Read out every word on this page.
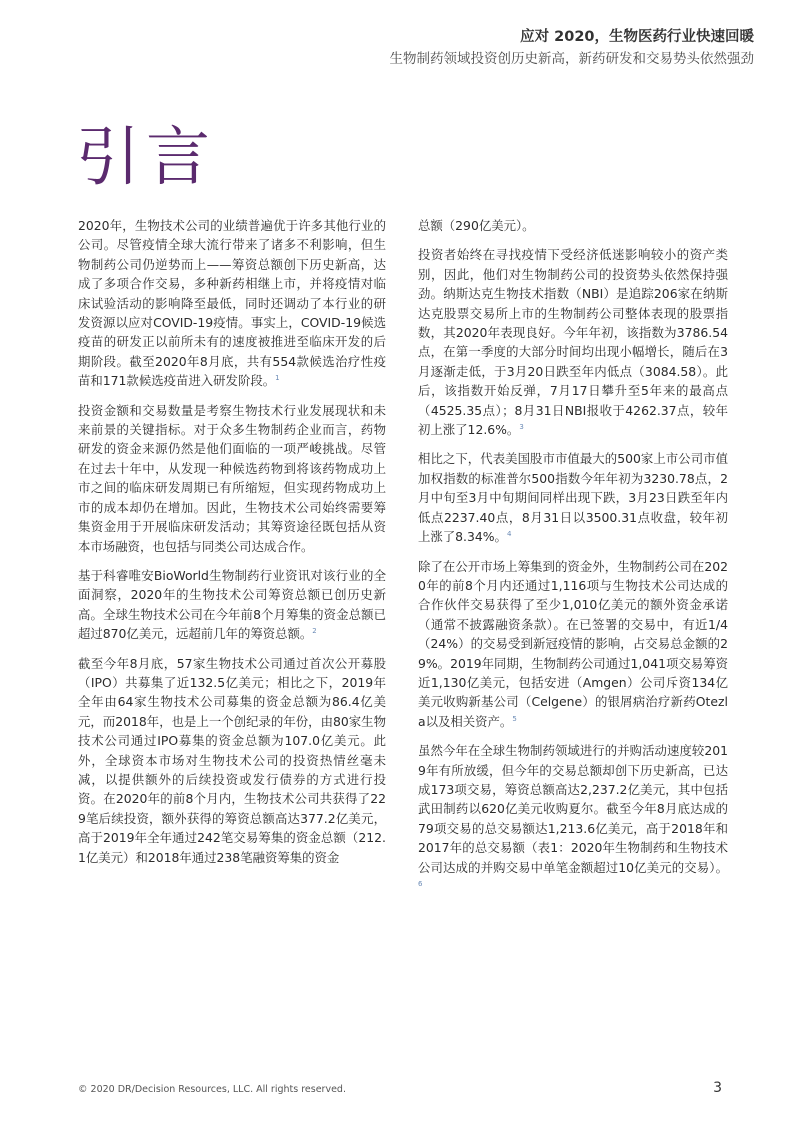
应对 2020，生物医药行业快速回暖
生物制药领域投资创历史新高，新药研发和交易势头依然强劲
引言

2020年，生物技术公司的业绩普遍优于许多其他行业的公司。尽管疫情全球大流行带来了诸多不利影响，但生物制药公司仍逆势而上——筹资总额创下历史新高，达成了多项合作交易，多种新药相继上市，并将疫情对临床试验活动的影响降至最低，同时还调动了本行业的研发资源以应对COVID-19疫情。事实上，COVID-19候选疫苗的研发正以前所未有的速度被推进至临床开发的后期阶段。截至2020年8月底，共有554款候选治疗性疫苗和171款候选疫苗进入研发阶段。$^1$

投资金额和交易数量是考察生物技术行业发展现状和未来前景的关键指标。对于众多生物制药企业而言，药物研发的资金来源仍然是他们面临的一项严峻挑战。尽管在过去十年中，从发现一种候选药物到将该药物成功上市之间的临床研发周期已有所缩短，但实现药物成功上市的成本却仍在增加。因此，生物技术公司始终需要筹集资金用于开展临床研发活动；其筹资途径既包括从资本市场融资，也包括与同类公司达成合作。

基于科睿唯安BioWorld生物制药行业资讯对该行业的全面洞察，2020年的生物技术公司筹资总额已创历史新高。全球生物技术公司在今年前8个月筹集的资金总额已超过870亿美元，远超前几年的筹资总额。$^2$

截至今年8月底，57家生物技术公司通过首次公开募股（IPO）共募集了近132.5亿美元；相比之下，2019年全年由64家生物技术公司募集的资金总额为86.4亿美元，而2018年，也是上一个创纪录的年份，由80家生物技术公司通过IPO募集的资金总额为107.0亿美元。此外，全球资本市场对生物技术公司的投资热情丝毫未减，以提供额外的后续投资或发行债券的方式进行投资。在2020年的前8个月内，生物技术公司共获得了229笔后续投资，额外获得的筹资总额高达377.2亿美元，高于2019年全年通过242笔交易筹集的资金总额（212.1亿美元）和2018年通过238笔融资筹集的资金

总额（290亿美元）。

投资者始终在寻找疫情下受经济低迷影响较小的资产类别，因此，他们对生物制药公司的投资势头依然保持强劲。纳斯达克生物技术指数（NBI）是追踪206家在纳斯达克股票交易所上市的生物制药公司整体表现的股票指数，其2020年表现良好。今年年初，该指数为3786.54点，在第一季度的大部分时间均出现小幅增长，随后在3月逐渐走低，于3月20日跌至年内低点（3084.58）。此后，该指数开始反弹，7月17日攀升至5年来的最高点（4525.35点）；8月31日NBI报收于4262.37点，较年初上涨了12.6%。$^3$

相比之下，代表美国股市市值最大的500家上市公司市值加权指数的标准普尔500指数今年年初为3230.78点，2月中旬至3月中旬期间同样出现下跌，3月23日跌至年内低点2237.40点，8月31日以3500.31点收盘，较年初上涨了8.34%。$^4$

除了在公开市场上筹集到的资金外，生物制药公司在2020年的前8个月内还通过1,116项与生物技术公司达成的合作伙伴交易获得了至少1,010亿美元的额外资金承诺（通常不披露融资条款）。在已签署的交易中，有近1/4（24%）的交易受到新冠疫情的影响，占交易总金额的29%。2019年同期，生物制药公司通过1,041项交易筹资近1,130亿美元，包括安进（Amgen）公司斥资134亿美元收购新基公司（Celgene）的银屑病治疗新药Otezla以及相关资产。$^5$

虽然今年在全球生物制药领域进行的并购活动速度较2019年有所放缓，但今年的交易总额却创下历史新高，已达成173项交易，筹资总额高达2,237.2亿美元，其中包括武田制药以620亿美元收购夏尔。截至今年8月底达成的79项交易的总交易额达1,213.6亿美元，高于2018年和2017年的总交易额（表1：2020年生物制药和生物技术公司达成的并购交易中单笔金额超过10亿美元的交易）。$^6$

© 2020 DR/Decision Resources, LLC. All rights reserved.	3
